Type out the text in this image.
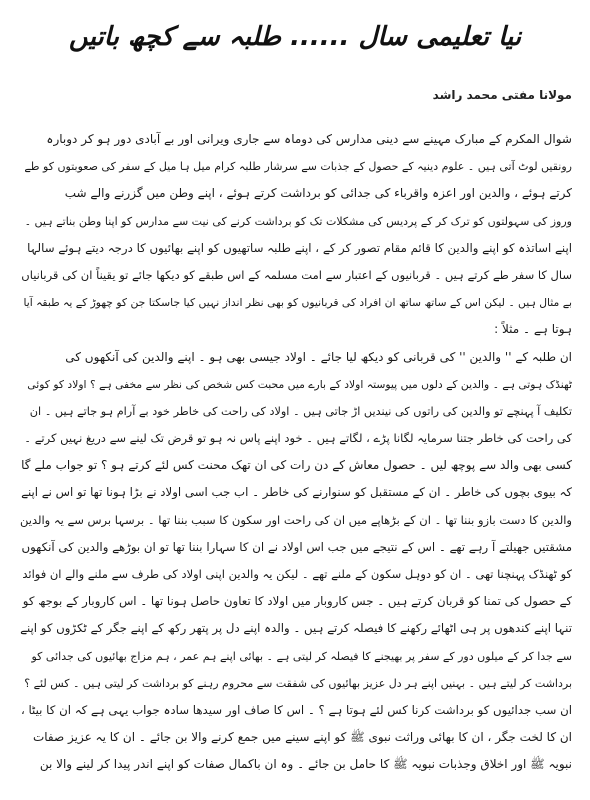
نیا تعلیمی سال ...... طلبہ سے کچھ باتیں
مولانا مفتی محمد راشد
شوال المکرم کے مبارک مہینے سے دینی مدارس کی دوماہ سے جاری ویرانی اور بے آبادی دور ہو کر دوبارہ
رونقیں لوٹ آتی ہیں ۔ علوم دینیہ کے حصول کے جذبات سے سرشار طلبہ کرام میل ہا میل کے سفر کی صعوبتوں کو طے
کرتے ہوئے ، والدین اور اعزہ واقرباء کی جدائی کو برداشت کرتے ہوئے ، اپنے وطن میں گزرنے والے شب
وروز کی سہولتوں کو ترک کر کے پردیس کی مشکلات تک کو برداشت کرنے کی نیت سے مدارس کو اپنا وطن بناتے ہیں ۔
اپنے اساتذہ کو اپنے والدین کا قائم مقام تصور کر کے ، اپنے طلبہ ساتھیوں کو اپنے بھائیوں کا درجہ دیتے ہوئے سالہا
سال کا سفر طے کرتے ہیں ۔ قربانیوں کے اعتبار سے امت مسلمہ کے اس طبقے کو دیکھا جائے تو یقیناً ان کی قربانیاں
بے مثال ہیں ۔ لیکن اس کے ساتھ ساتھ ان افراد کی قربانیوں کو بھی نظر انداز نہیں کیا جاسکتا جن کو چھوڑ کے یہ طبقہ آیا
ہوتا ہے ۔ مثلاً :
ان طلبہ کے '' والدین '' کی قربانی کو دیکھ لیا جائے ۔ اولاد جیسی بھی ہو ۔ اپنے والدین کی آنکھوں کی
ٹھنڈک ہوتی ہے ۔ والدین کے دلوں میں پیوستہ اولاد کے بارے میں محبت کس شخص کی نظر سے مخفی ہے ؟ اولاد کو کوئی
تکلیف آ پہنچے تو والدین کی راتوں کی نیندیں اڑ جاتی ہیں ۔ اولاد کی راحت کی خاطر خود بے آرام ہو جاتے ہیں ۔ ان
کی راحت کی خاطر جتنا سرمایہ لگانا پڑے ، لگاتے ہیں ۔ خود اپنے پاس نہ ہو تو قرض تک لینے سے دریغ نہیں کرتے ۔
کسی بھی والد سے پوچھ لیں ۔ حصول معاش کے دن رات کی ان تھک محنت کس لئے کرتے ہو ؟ تو جواب ملے گا
کہ بیوی بچوں کی خاطر ۔ ان کے مستقبل کو سنوارنے کی خاطر ۔ اب جب اسی اولاد نے بڑا ہونا تھا تو اس نے اپنے
والدین کا دست بازو بننا تھا ۔ ان کے بڑھاپے میں ان کی راحت اور سکون کا سبب بننا تھا ۔ برسہا برس سے یہ والدین
مشقتیں جھیلتے آ رہے تھے ۔ اس کے نتیجے میں جب اس اولاد نے ان کا سہارا بننا تھا تو ان بوڑھے والدین کی آنکھوں
کو ٹھنڈک پہنچنا تھی ۔ ان کو دوہل سکون کے ملنے تھے ۔ لیکن یہ والدین اپنی اولاد کی طرف سے ملنے والے ان فوائد
کے حصول کی تمنا کو قربان کرتے ہیں ۔ جس کاروبار میں اولاد کا تعاون حاصل ہونا تھا ۔ اس کاروبار کے بوجھ کو
تنہا اپنے کندھوں پر ہی اٹھائے رکھنے کا فیصلہ کرتے ہیں ۔ والدہ اپنے دل پر پتھر رکھ کے اپنے جگر کے ٹکڑوں کو اپنے
سے جدا کر کے میلوں دور کے سفر پر بھیجنے کا فیصلہ کر لیتی ہے ۔ بھائی اپنے ہم عمر ، ہم مزاج بھائیوں کی جدائی کو
برداشت کر لیتے ہیں ۔ بہنیں اپنے ہر دل عزیز بھائیوں کی شفقت سے محروم رہنے کو برداشت کر لیتی ہیں ۔ کس لئے ؟
ان سب جدائیوں کو برداشت کرنا کس لئے ہوتا ہے ؟ ۔ اس کا صاف اور سیدھا سادہ جواب یہی ہے کہ ان کا بیٹا ،
ان کا لخت جگر ، ان کا بھائی وراثت نبوی ﷺ کو اپنے سینے میں جمع کرنے والا بن جائے ۔ ان کا یہ عزیز صفات
نبویہ ﷺ اور اخلاق وجذبات نبویہ ﷺ کا حامل بن جائے ۔ وہ ان باکمال صفات کو اپنے اندر پیدا کر لینے والا بن
